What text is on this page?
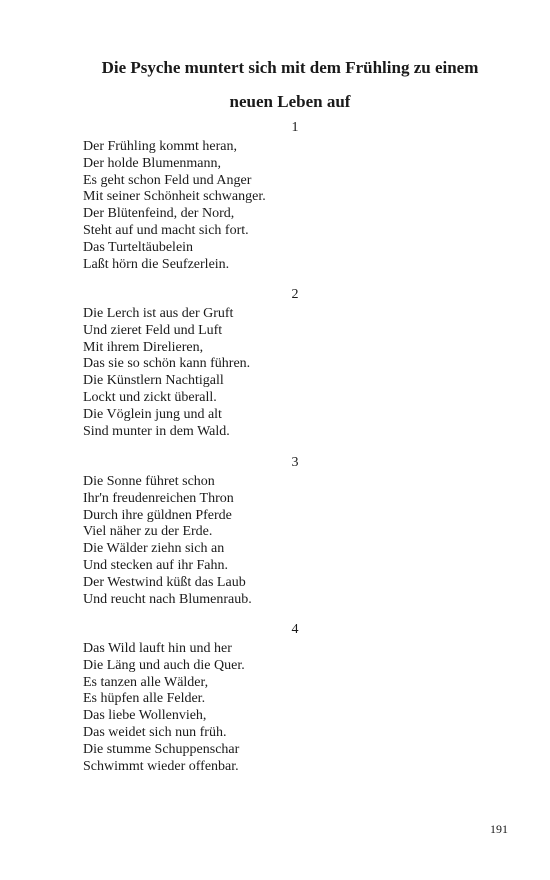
Die Psyche muntert sich mit dem Frühling zu einem
neuen Leben auf

1

Der Frühling kommt heran,
Der holde Blumenmann,
Es geht schon Feld und Anger
Mit seiner Schönheit schwanger.
Der Blütenfeind, der Nord,
Steht auf und macht sich fort.
Das Turteltäubelein
Laßt hörn die Seufzerlein.

2

Die Lerch ist aus der Gruft
Und zieret Feld und Luft
Mit ihrem Direlieren,
Das sie so schön kann führen.
Die Künstlern Nachtigall
Lockt und zickt überall.
Die Vöglein jung und alt
Sind munter in dem Wald.

3

Die Sonne führet schon
Ihr'n freudenreichen Thron
Durch ihre güldnen Pferde
Viel näher zu der Erde.
Die Wälder ziehn sich an
Und stecken auf ihr Fahn.
Der Westwind küßt das Laub
Und reucht nach Blumenraub.

4

Das Wild lauft hin und her
Die Läng und auch die Quer.
Es tanzen alle Wälder,
Es hüpfen alle Felder.
Das liebe Wollenvieh,
Das weidet sich nun früh.
Die stumme Schuppenschar
Schwimmt wieder offenbar.
191
